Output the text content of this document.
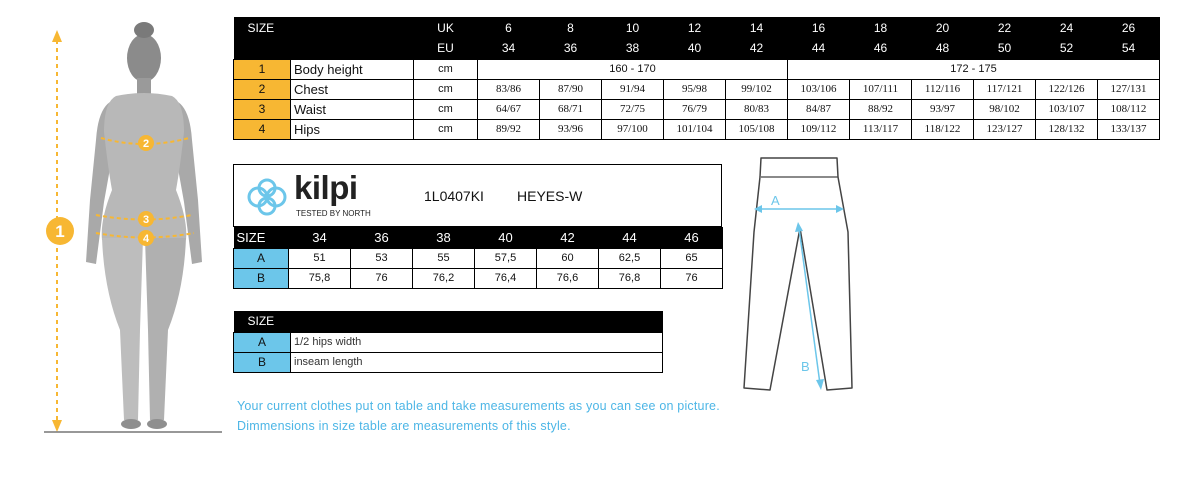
1
2
3
4
SIZE		UK	6	8	10	12	14	16	18	20	22	24	26
		EU	34	36	38	40	42	44	46	48	50	52	54
1	Body height	cm	160 - 170					172 - 175					
2	Chest	cm	83/86	87/90	91/94	95/98	99/102	103/106	107/111	112/116	117/121	122/126	127/131
3	Waist	cm	64/67	68/71	72/75	76/79	80/83	84/87	88/92	93/97	98/102	103/107	108/112
4	Hips	cm	89/92	93/96	97/100	101/104	105/108	109/112	113/117	118/122	123/127	128/132	133/137
kilpi
TESTED BY NORTH
1L0407KI HEYES-W
SIZE	34	36	38	40	42	44	46
A	51	53	55	57,5	60	62,5	65
B	75,8	76	76,2	76,4	76,6	76,8	76
SIZE	
A	1/2 hips width
B	inseam length
Your current clothes put on table and take measurements as you can see on picture.
Dimmensions in size table are measurements of this style.
A
B
